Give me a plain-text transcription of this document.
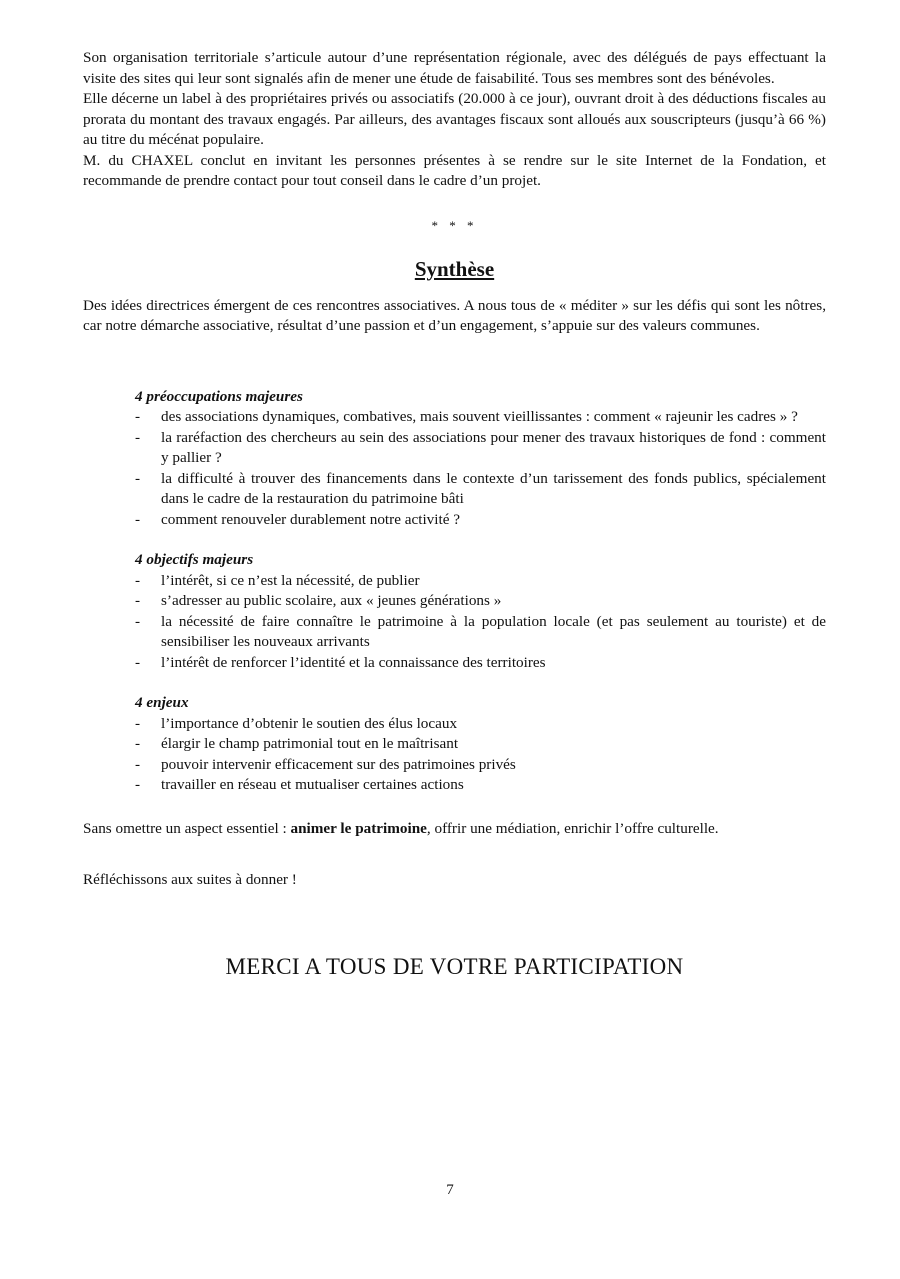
Son organisation territoriale s’articule autour d’une représentation régionale, avec des délégués de pays effectuant la visite des sites qui leur sont signalés afin de mener une étude de faisabilité. Tous ses membres sont des bénévoles.

Elle décerne un label à des propriétaires privés ou associatifs (20.000 à ce jour), ouvrant droit à des déductions fiscales au prorata du montant des travaux engagés. Par ailleurs, des avantages fiscaux sont alloués aux souscripteurs (jusqu’à 66 %) au titre du mécénat populaire.

M. du CHAXEL conclut en invitant les personnes présentes à se rendre sur le site Internet de la Fondation, et recommande de prendre contact pour tout conseil dans le cadre d’un projet.

* * *
Synthèse

Des idées directrices émergent de ces rencontres associatives. A nous tous de « méditer » sur les défis qui sont les nôtres, car notre démarche associative, résultat d’une passion et d’un engagement, s’appuie sur des valeurs communes.

4 préoccupations majeures

- des associations dynamiques, combatives, mais souvent vieillissantes : comment « rajeunir les cadres » ?
- la raréfaction des chercheurs au sein des associations pour mener des travaux historiques de fond : comment y pallier ?
- la difficulté à trouver des financements dans le contexte d’un tarissement des fonds publics, spécialement dans le cadre de la restauration du patrimoine bâti
- comment renouveler durablement notre activité ?

4 objectifs majeurs

- l’intérêt, si ce n’est la nécessité, de publier
- s’adresser au public scolaire, aux « jeunes générations »
- la nécessité de faire connaître le patrimoine à la population locale (et pas seulement au touriste) et de sensibiliser les nouveaux arrivants
- l’intérêt de renforcer l’identité et la connaissance des territoires

4 enjeux

- l’importance d’obtenir le soutien des élus locaux
- élargir le champ patrimonial tout en le maîtrisant
- pouvoir intervenir efficacement sur des patrimoines privés
- travailler en réseau et mutualiser certaines actions

Sans omettre un aspect essentiel : animer le patrimoine, offrir une médiation, enrichir l’offre culturelle.

Réfléchissons aux suites à donner !

MERCI A TOUS DE VOTRE PARTICIPATION

7
